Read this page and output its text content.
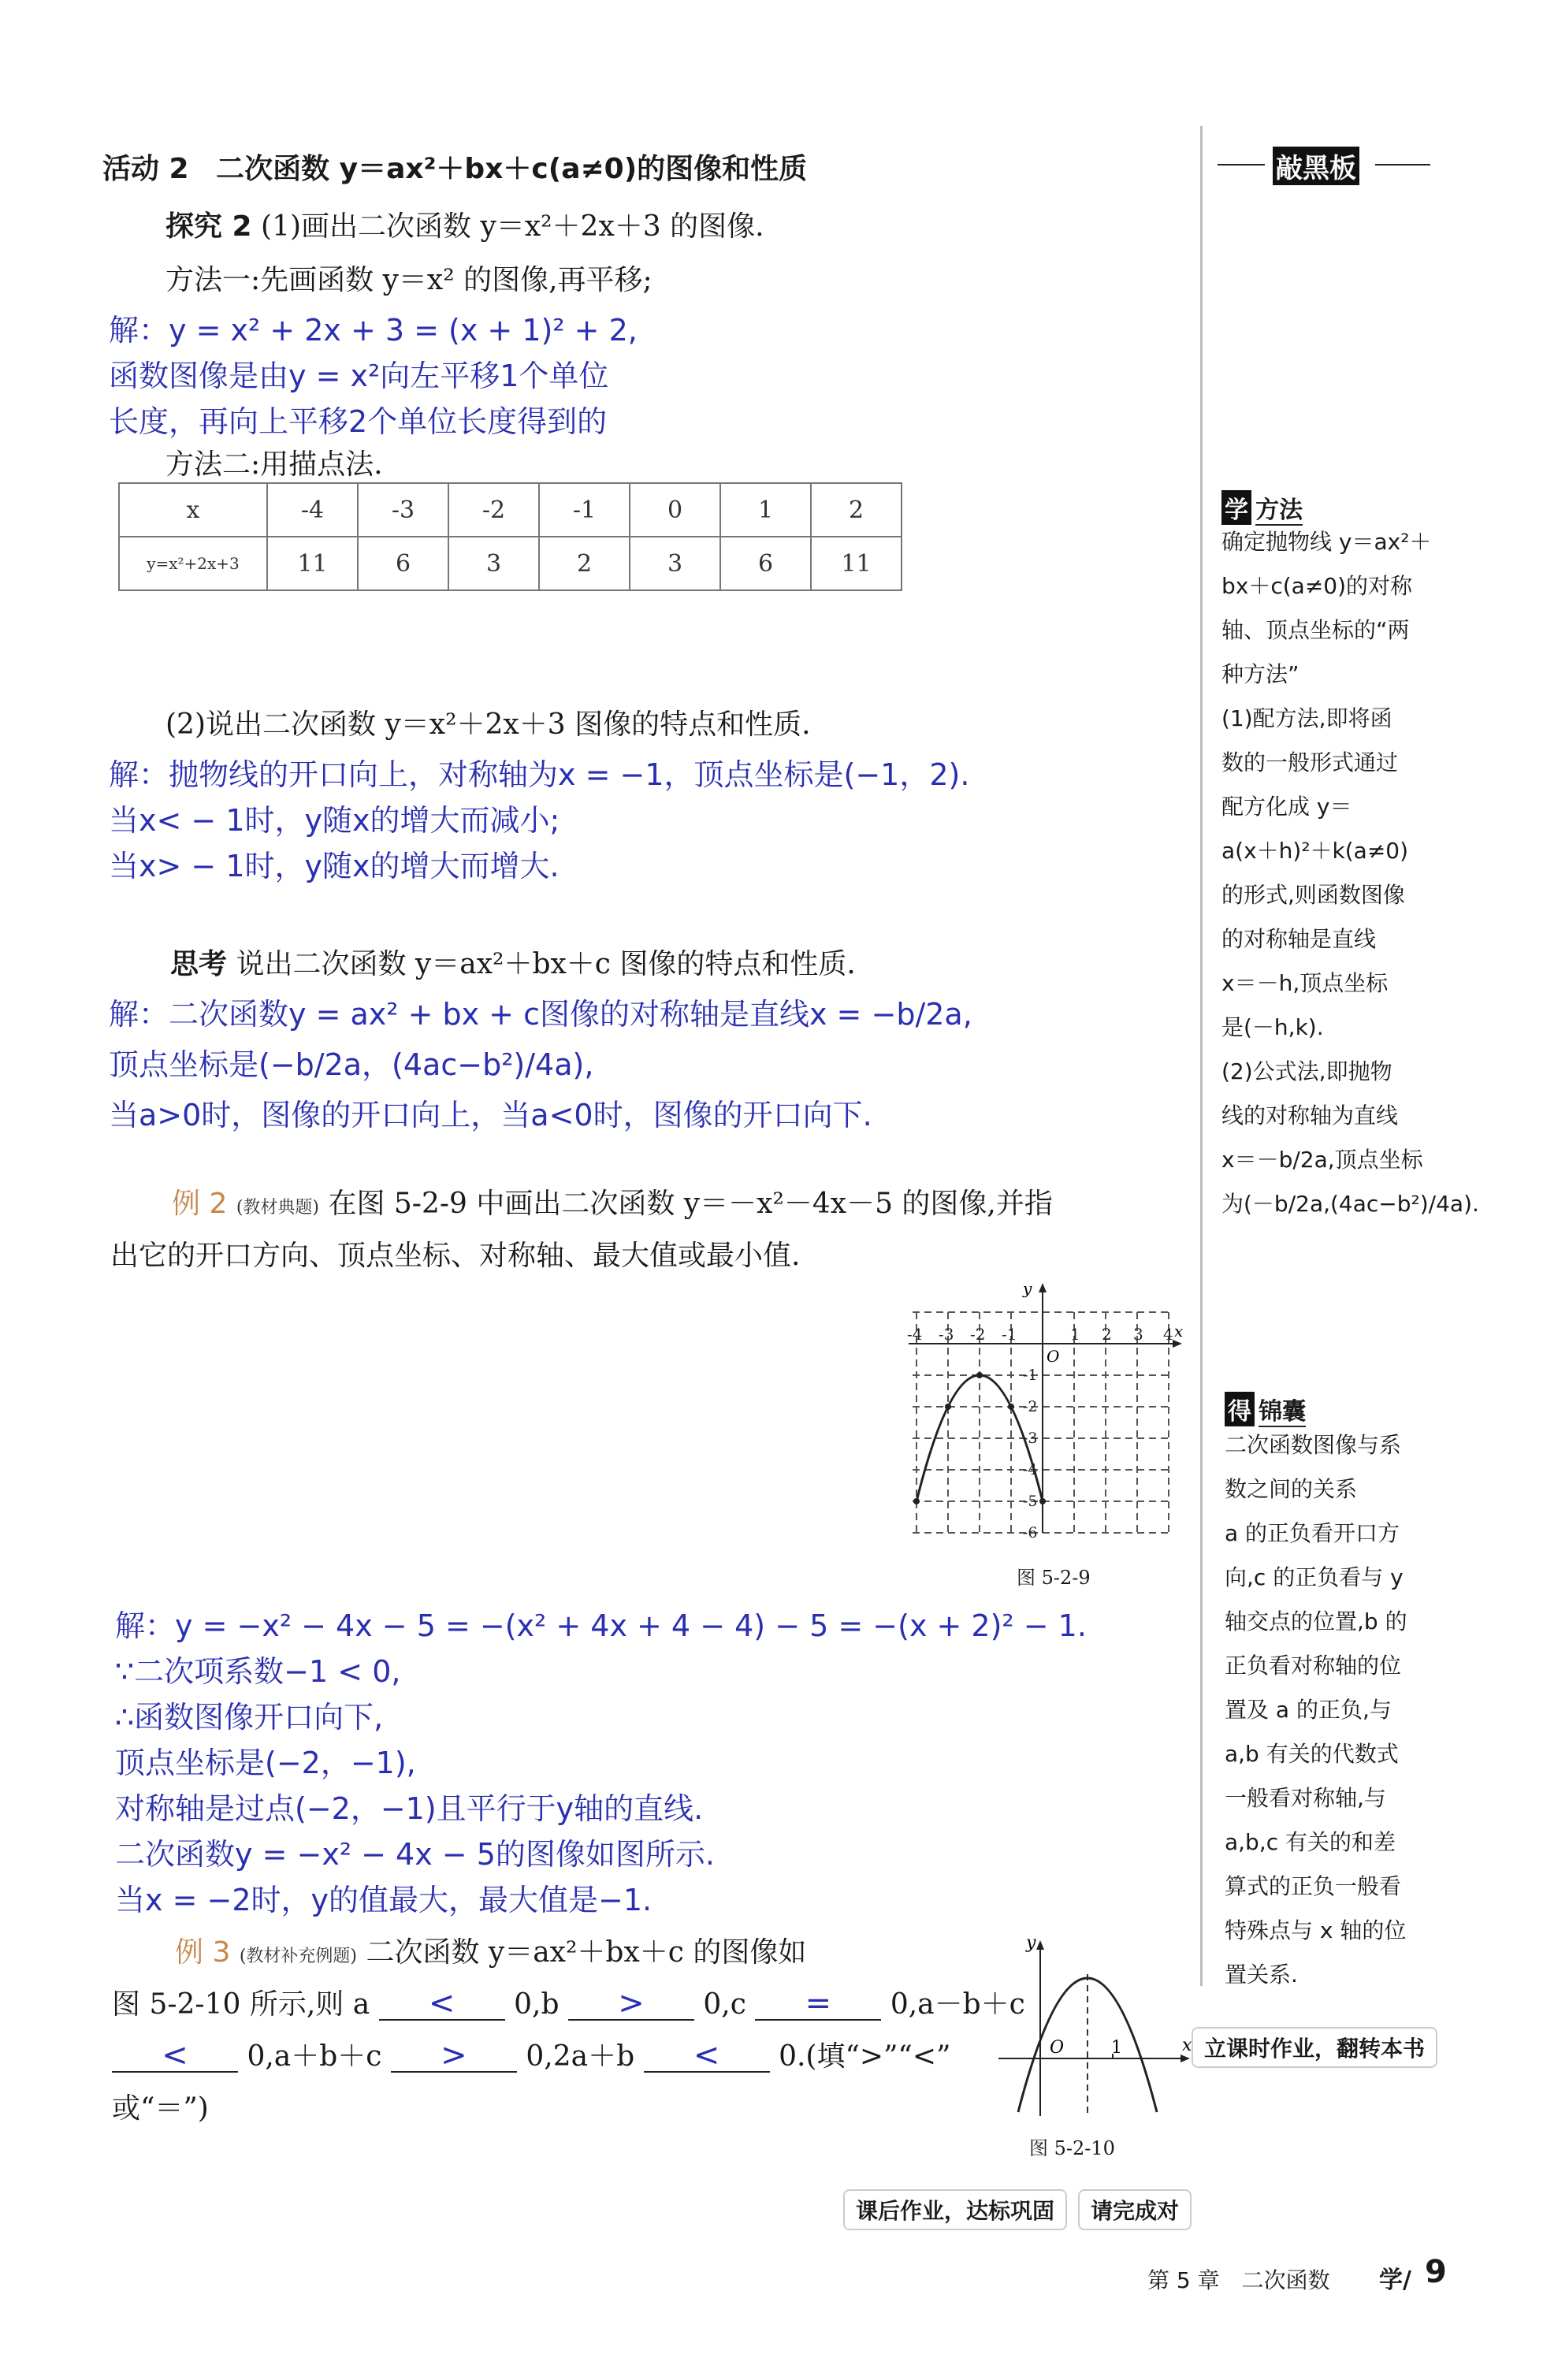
活动 2 二次函数 y＝ax²＋bx＋c(a≠0)的图像和性质
探究 2 (1)画出二次函数 y＝x²＋2x＋3 的图像.
方法一:先画函数 y＝x² 的图像,再平移;
解：y = x² + 2x + 3 = (x + 1)² + 2,
函数图像是由y = x²向左平移1个单位
长度，再向上平移2个单位长度得到的
方法二:用描点法.
x	-4	-3	-2	-1	0	1	2
y=x²+2x+3	11	6	3	2	3	6	11
(2)说出二次函数 y＝x²＋2x＋3 图像的特点和性质.
解：抛物线的开口向上，对称轴为x = −1，顶点坐标是(−1，2).
当x< − 1时，y随x的增大而减小;
当x> − 1时，y随x的增大而增大.
思考 说出二次函数 y＝ax²＋bx＋c 图像的特点和性质.
解：二次函数y = ax² + bx + c图像的对称轴是直线x = −b/2a,
顶点坐标是(−b/2a，(4ac−b²)/4a),
当a>0时，图像的开口向上，当a<0时，图像的开口向下.
例 2 (教材典题) 在图 5-2-9 中画出二次函数 y＝－x²－4x－5 的图像,并指
出它的开口方向、顶点坐标、对称轴、最大值或最小值.
y
x
O
-4 -3 -2 -1	1 2 3 4
-1
-2
-3
-4
-5
-6
图 5-2-9
解：y = −x² − 4x − 5 = −(x² + 4x + 4 − 4) − 5 = −(x + 2)² − 1.
∵二次项系数−1 < 0,
∴函数图像开口向下,
顶点坐标是(−2，−1),
对称轴是过点(−2，−1)且平行于y轴的直线.
二次函数y = −x² − 4x − 5的图像如图所示.
当x = −2时，y的值最大，最大值是−1.
例 3 (教材补充例题) 二次函数 y＝ax²＋bx＋c 的图像如
图 5-2-10 所示,则 a < 0,b > 0,c = 0,a－b＋c
< 0,a＋b＋c > 0,2a＋b < 0.(填“>”“<”
或“＝”)
y
x
O	1
图 5-2-10
敲黑板
学 方法
确定抛物线 y＝ax²＋
bx＋c(a≠0)的对称
轴、顶点坐标的“两
种方法”
(1)配方法,即将函
数的一般形式通过
配方化成 y＝
a(x＋h)²＋k(a≠0)
的形式,则函数图像
的对称轴是直线
x＝－h,顶点坐标
是(－h,k).
(2)公式法,即抛物
线的对称轴为直线
x＝－b/2a,顶点坐标
为(－b/2a,(4ac−b²)/4a).
得 锦囊
二次函数图像与系
数之间的关系
a 的正负看开口方
向,c 的正负看与 y
轴交点的位置,b 的
正负看对称轴的位
置及 a 的正负,与
a,b 有关的代数式
一般看对称轴,与
a,b,c 有关的和差
算式的正负一般看
特殊点与 x 轴的位
置关系.
立课时作业，翻转本书
课后作业，达标巩固	请完成对
第 5 章　二次函数 学/ 9
